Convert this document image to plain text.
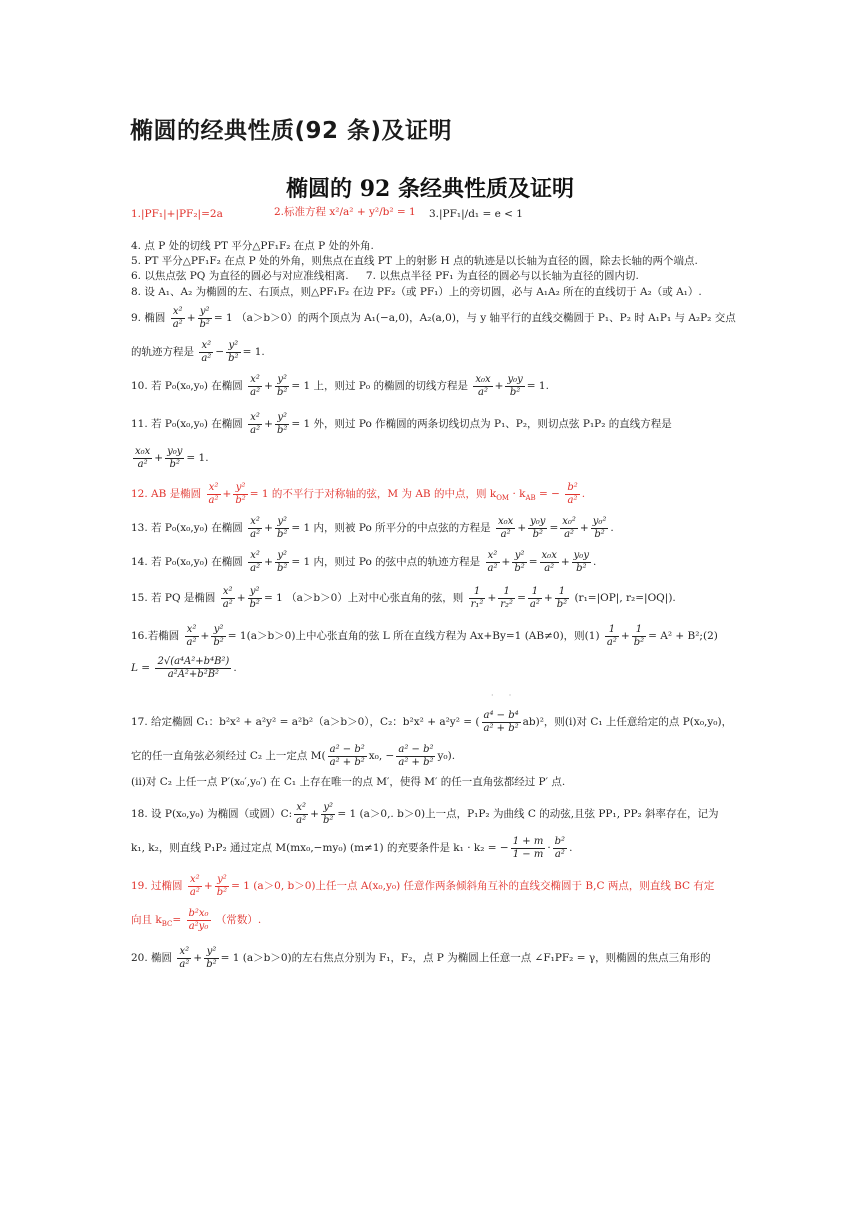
椭圆的经典性质(92 条)及证明
椭圆的 92 条经典性质及证明
1.|PF₁|+|PF₂|=2a	2.标准方程 x²/a² + y²/b² = 1 3.|PF₁|/d₁ = e < 1
4. 点 P 处的切线 PT 平分△PF₁F₂ 在点 P 处的外角.
5. PT 平分△PF₁F₂ 在点 P 处的外角，则焦点在直线 PT 上的射影 H 点的轨迹是以长轴为直径的圆，除去长轴的两个端点.
6. 以焦点弦 PQ 为直径的圆必与对应准线相离. 7. 以焦点半径 PF₁ 为直径的圆必与以长轴为直径的圆内切.
8. 设 A₁、A₂ 为椭圆的左、右顶点，则△PF₁F₂ 在边 PF₂（或 PF₁）上的旁切圆，必与 A₁A₂ 所在的直线切于 A₂（或 A₁）.
9. 椭圆 $\frac{\text{x²}}{\text{a²}} + \frac{\text{y²}}{\text{b²}} = 1$ （a＞b＞0）的两个顶点为 A₁(−a,0)，A₂(a,0)，与 y 轴平行的直线交椭圆于 P₁、P₂ 时 A₁P₁ 与 A₂P₂ 交点
的轨迹方程是 $\frac{\text{x²}}{\text{a²}} - \frac{\text{y²}}{\text{b²}} = 1$.
10. 若 P₀(x₀,y₀) 在椭圆 $\frac{\text{x²}}{\text{a²}} + \frac{\text{y²}}{\text{b²}} = 1$ 上，则过 P₀ 的椭圆的切线方程是 $\frac{\text{x₀x}}{\text{a²}} + \frac{\text{y₀y}}{\text{b²}} = 1$.
11. 若 P₀(x₀,y₀) 在椭圆 $\frac{\text{x²}}{\text{a²}} + \frac{\text{y²}}{\text{b²}} = 1$ 外，则过 Po 作椭圆的两条切线切点为 P₁、P₂，则切点弦 P₁P₂ 的直线方程是
$\frac{\text{x₀x}}{\text{a²}} + \frac{\text{y₀y}}{\text{b²}} = 1$.
12. AB 是椭圆 $\frac{\text{x²}}{\text{a²}} + \frac{\text{y²}}{\text{b²}} = 1$ 的不平行于对称轴的弦，M 为 AB 的中点，则 $k_{OM} \cdot k_{AB}$ = − $\frac{\text{b²}}{\text{a²}}$ .
13. 若 P₀(x₀,y₀) 在椭圆 $\frac{\text{x²}}{\text{a²}} + \frac{\text{y²}}{\text{b²}} = 1$ 内，则被 Po 所平分的中点弦的方程是 $\frac{\text{x₀x}}{\text{a²}} + \frac{\text{y₀y}}{\text{b²}} = \frac{\text{x₀²}}{\text{a²}} + \frac{\text{y₀²}}{\text{b²}}$ .
14. 若 P₀(x₀,y₀) 在椭圆 $\frac{\text{x²}}{\text{a²}} + \frac{\text{y²}}{\text{b²}} = 1$ 内，则过 Po 的弦中点的轨迹方程是 $\frac{\text{x²}}{\text{a²}} + \frac{\text{y²}}{\text{b²}} = \frac{\text{x₀x}}{\text{a²}} + \frac{\text{y₀y}}{\text{b²}}$ .
15. 若 PQ 是椭圆 $\frac{\text{x²}}{\text{a²}} + \frac{\text{y²}}{\text{b²}} = 1$ （a＞b＞0）上对中心张直角的弦，则 $\frac{1}{\text{r₁²}} + \frac{1}{\text{r₂²}} = \frac{1}{\text{a²}} + \frac{1}{\text{b²}} (r_1=|OP|$, r₂=|OQ|).
16.若椭圆 $\frac{\text{x²}}{\text{a²}} + \frac{\text{y²}}{\text{b²}} = 1(a>b>0)$上中心张直角的弦 L 所在直线方程为 Ax+By=1 (AB≠0)，则$(1) \frac{1}{\text{a²}} + \frac{1}{\text{b²}} = A^2$ + B²;(2)
$L = \frac{\text{2√(a⁴A²+b⁴B²)}}{\text{a²A²+b²B²}}$ .
·      ·
17. 给定椭圆 C₁：b²x² + a²y² = a²b²（a＞b＞0），C₂：b²x² + a²y² = ( $\frac{\text{a⁴ − b⁴}}{\text{a² + b²}} ab)^2$，则(i)对 C₁ 上任意给定的点 P(x₀,y₀)，
它的任一直角弦必须经过 C₂ 上一定点 $M( \frac{\text{a² − b²}}{\text{a² + b²}} x_0$, − $\frac{\text{a² − b²}}{\text{a² + b²}} y_0$).
(ii)对 C₂ 上任一点 P′(x₀′,y₀′) 在 C₁ 上存在唯一的点 M′，使得 M′ 的任一直角弦都经过 P′ 点.
18. 设 P(x₀,y₀) 为椭圆（或圆）C: $\frac{\text{x²}}{\text{a²}} + \frac{\text{y²}}{\text{b²}} = 1$ (a＞0,. b＞0)上一点，P₁P₂ 为曲线 C 的动弦,且弦 PP₁, PP₂ 斜率存在，记为
k₁, k₂，则直线 P₁P₂ 通过定点 M(mx₀,−my₀) (m≠1) 的充要条件是 k₁ · k₂ = − $\frac{1 + m}{1 - m} \cdot \frac{\text{b²}}{\text{a²}}$ .
19. 过椭圆 $\frac{\text{x²}}{\text{a²}} + \frac{\text{y²}}{\text{b²}} = 1$ (a＞0, b＞0)上任一点 A(x₀,y₀) 任意作两条倾斜角互补的直线交椭圆于 B,C 两点，则直线 BC 有定
向且 $k_{BC}= \frac{\text{b²x₀}}{\text{a²y₀}}$ （常数）.
20. 椭圆 $\frac{\text{x²}}{\text{a²}} + \frac{\text{y²}}{\text{b²}} = 1$ (a＞b＞0)的左右焦点分别为 F₁，F₂，点 P 为椭圆上任意一点 ∠F₁PF₂ = γ，则椭圆的焦点三角形的
